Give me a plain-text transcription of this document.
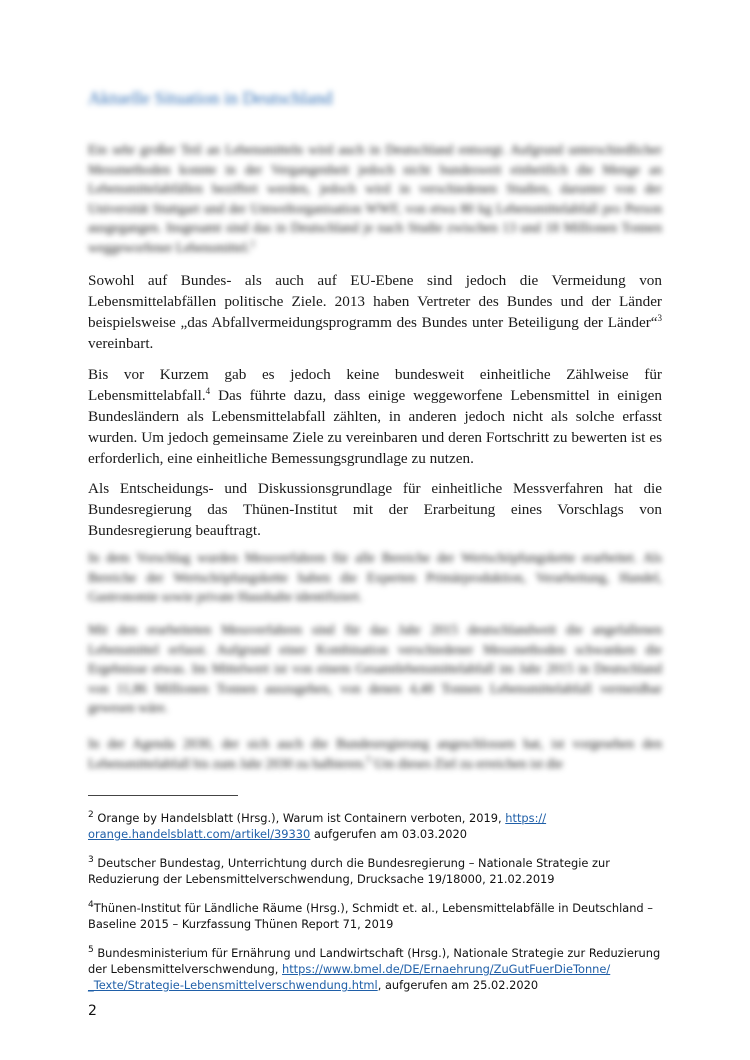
Aktuelle Situation in Deutschland

Ein sehr großer Teil an Lebensmitteln wird auch in Deutschland entsorgt. Aufgrund unterschiedlicher Messmethoden konnte in der Vergangenheit jedoch nicht bundesweit einheitlich die Menge an Lebensmittelabfällen beziffert werden, jedoch wird in verschiedenen Studien, darunter von der Universität Stuttgart und der Umweltorganisation WWF, von etwa 80 kg Lebensmittelabfall pro Person ausgegangen. Insgesamt sind das in Deutschland je nach Studie zwischen 13 und 18 Millionen Tonnen weggeworfener Lebensmittel.$^2$

Sowohl auf Bundes- als auch auf EU-Ebene sind jedoch die Vermeidung von Lebensmittelabfällen politische Ziele. 2013 haben Vertreter des Bundes und der Länder beispielsweise „das Abfallvermeidungsprogramm des Bundes unter Beteiligung der Länder“$^3$ vereinbart.

Bis vor Kurzem gab es jedoch keine bundesweit einheitliche Zählweise für Lebensmittelabfall.$^4$ Das führte dazu, dass einige weggeworfene Lebensmittel in einigen Bundesländern als Lebensmittelabfall zählten, in anderen jedoch nicht als solche erfasst wurden. Um jedoch gemeinsame Ziele zu vereinbaren und deren Fortschritt zu bewerten ist es erforderlich, eine einheitliche Bemessungsgrundlage zu nutzen.

Als Entscheidungs- und Diskussionsgrundlage für einheitliche Messverfahren hat die Bundesregierung das Thünen-Institut mit der Erarbeitung eines Vorschlags von Bundesregierung beauftragt.

In dem Vorschlag wurden Messverfahren für alle Bereiche der Wertschöpfungskette erarbeitet. Als Bereiche der Wertschöpfungskette haben die Experten Primärproduktion, Verarbeitung, Handel, Gastronomie sowie private Haushalte identifiziert.

Mit den erarbeiteten Messverfahren sind für das Jahr 2015 deutschlandweit die angefallenen Lebensmittel erfasst. Aufgrund einer Kombination verschiedener Messmethoden schwanken die Ergebnisse etwas. Im Mittelwert ist von einem Gesamtlebensmittelabfall im Jahr 2015 in Deutschland von 11,86 Millionen Tonnen auszugehen, von denen 4,48 Tonnen Lebensmittelabfall vermeidbar gewesen wäre.

In der Agenda 2030, der sich auch die Bundesregierung angeschlossen hat, ist vorgesehen den Lebensmittelabfall bis zum Jahr 2030 zu halbieren.$^5$ Um dieses Ziel zu erreichen ist die

$^2$ Orange by Handelsblatt (Hrsg.), Warum ist Containern verboten, 2019, https://​orange.handelsblatt.com/artikel/39330 aufgerufen am 03.03.2020

$^3$ Deutscher Bundestag, Unterrichtung durch die Bundesregierung – Nationale Strategie zur Reduzierung der Lebensmittelverschwendung, Drucksache 19/18000, 21.02.2019

$^4$Thünen-Institut für Ländliche Räume (Hrsg.), Schmidt et. al., Lebensmittelabfälle in Deutschland – Baseline 2015 – Kurzfassung Thünen Report 71, 2019

$^5$ Bundesministerium für Ernährung und Landwirtschaft (Hrsg.), Nationale Strategie zur Reduzierung der Lebensmittelverschwendung, https://www.bmel.de/DE/Ernaehrung/ZuGutFuerDieTonne/​_Texte/Strategie-Lebensmittelverschwendung.html, aufgerufen am 25.02.2020

2
